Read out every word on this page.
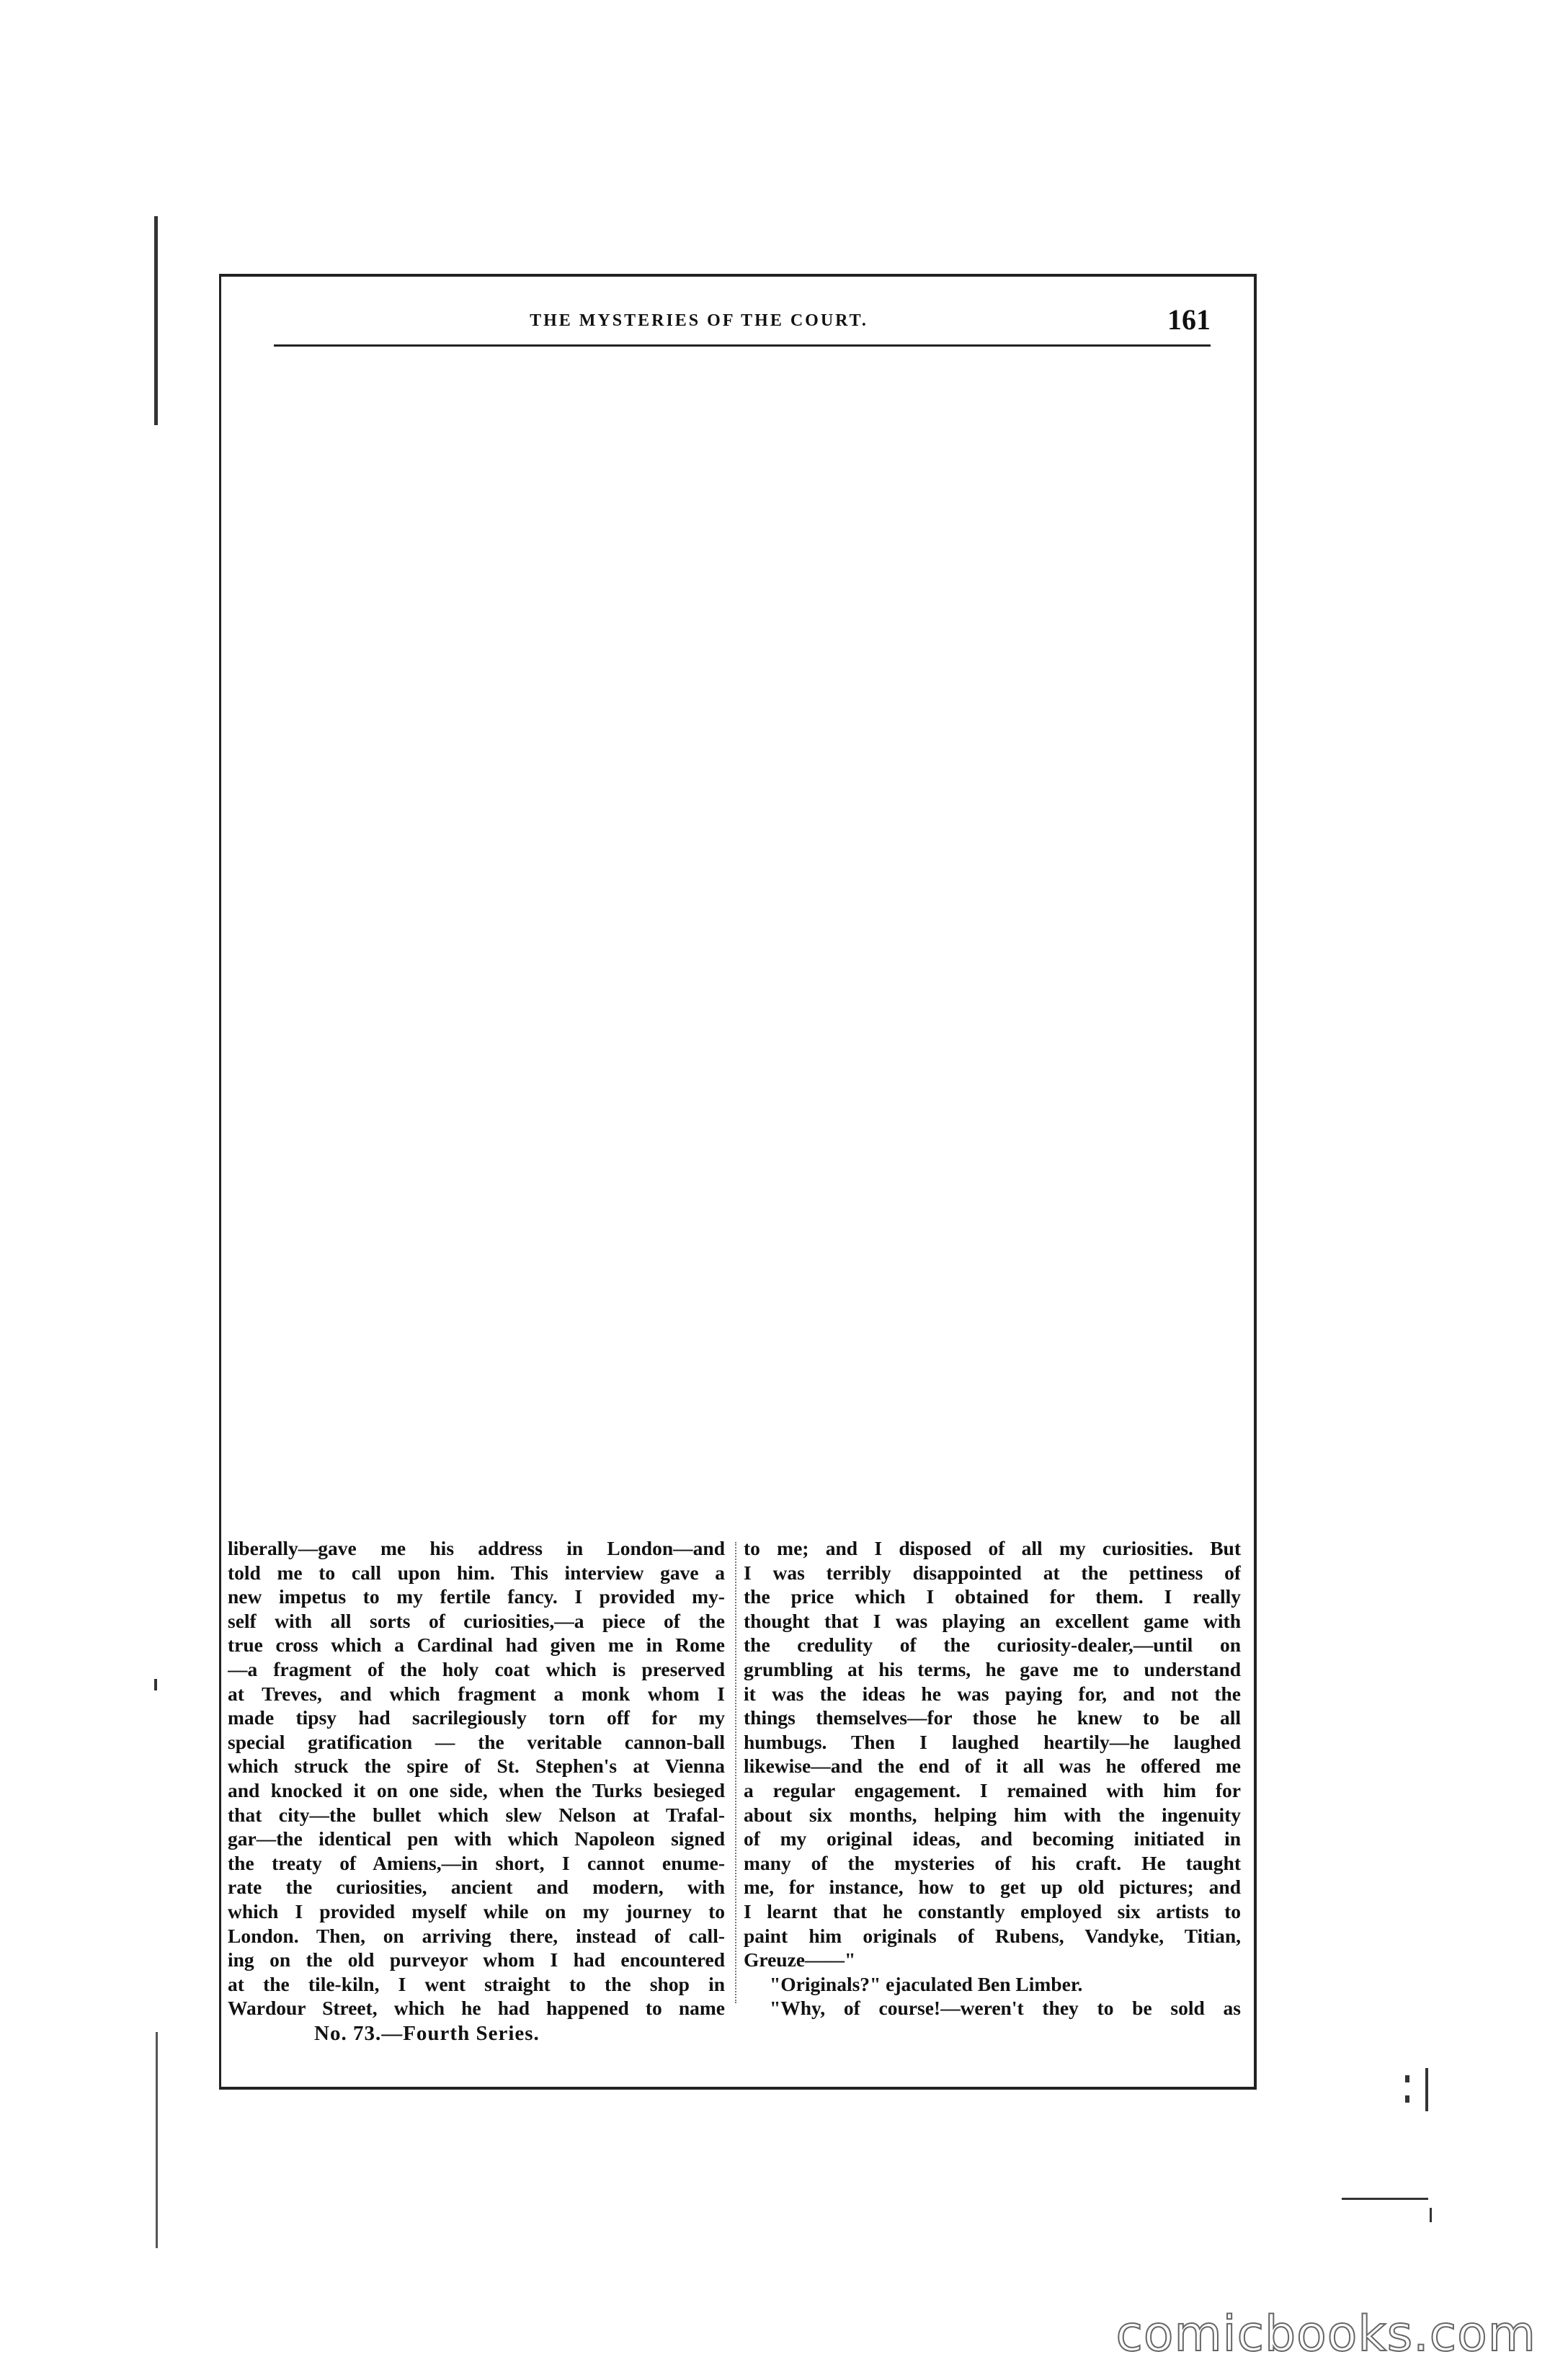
THE MYSTERIES OF THE COURT.	161
liberally—gave me his address in London—and
told me to call upon him. This interview gave a
new impetus to my fertile fancy. I provided my-
self with all sorts of curiosities,—a piece of the
true cross which a Cardinal had given me in Rome
—a fragment of the holy coat which is preserved
at Treves, and which fragment a monk whom I
made tipsy had sacrilegiously torn off for my
special gratification — the veritable cannon-ball
which struck the spire of St. Stephen's at Vienna
and knocked it on one side, when the Turks besieged
that city—the bullet which slew Nelson at Trafal-
gar—the identical pen with which Napoleon signed
the treaty of Amiens,—in short, I cannot enume-
rate the curiosities, ancient and modern, with
which I provided myself while on my journey to
London. Then, on arriving there, instead of call-
ing on the old purveyor whom I had encountered
at the tile-kiln, I went straight to the shop in
Wardour Street, which he had happened to name
No. 73.—Fourth Series.
to me; and I disposed of all my curiosities. But
I was terribly disappointed at the pettiness of
the price which I obtained for them. I really
thought that I was playing an excellent game with
the credulity of the curiosity-dealer,—until on
grumbling at his terms, he gave me to understand
it was the ideas he was paying for, and not the
things themselves—for those he knew to be all
humbugs. Then I laughed heartily—he laughed
likewise—and the end of it all was he offered me
a regular engagement. I remained with him for
about six months, helping him with the ingenuity
of my original ideas, and becoming initiated in
many of the mysteries of his craft. He taught
me, for instance, how to get up old pictures; and
I learnt that he constantly employed six artists to
paint him originals of Rubens, Vandyke, Titian,
Greuze——"
"Originals?" ejaculated Ben Limber.
"Why, of course!—weren't they to be sold as
comicbooks.com
